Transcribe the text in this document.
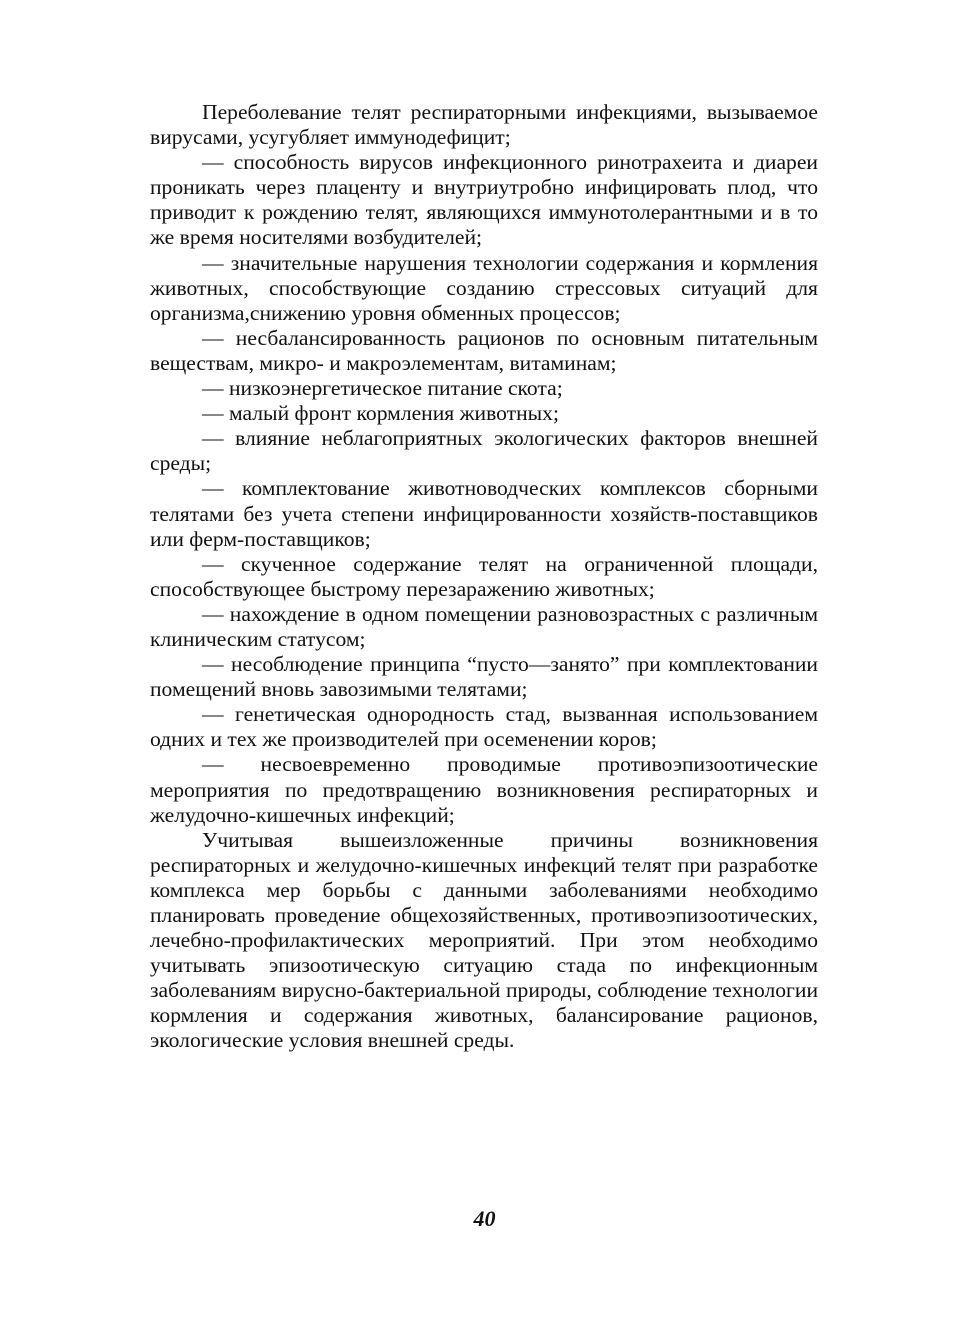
Переболевание телят респираторными инфекциями, вызываемое вирусами, усугубляет иммунодефицит;

— способность вирусов инфекционного ринотрахеита и диареи проникать через плаценту и внутриутробно инфицировать плод, что приводит к рождению телят, являющихся иммунотолерантными и в то же время носителями возбудителей;

— значительные нарушения технологии содержания и кормления животных, способствующие созданию стрессовых ситуаций для организма,снижению уровня обменных процессов;

— несбалансированность рационов по основным питательным веществам, микро- и макроэлементам, витаминам;

— низкоэнергетическое питание скота;

— малый фронт кормления животных;

— влияние неблагоприятных экологических факторов внешней среды;

— комплектование животноводческих комплексов сборными телятами без учета степени инфицированности хозяйств-поставщиков или ферм-поставщиков;

— скученное содержание телят на ограниченной площади, способствующее быстрому перезаражению животных;

— нахождение в одном помещении разновозрастных с различным клиническим статусом;

— несоблюдение принципа “пусто—занято” при комплектовании помещений вновь завозимыми телятами;

— генетическая однородность стад, вызванная использованием одних и тех же производителей при осеменении коров;

— несвоевременно проводимые противоэпизоотические мероприятия по предотвращению возникновения респираторных и желудочно-кишечных инфекций;

Учитывая вышеизложенные причины возникновения респираторных и желудочно-кишечных инфекций телят при разработке комплекса мер борьбы с данными заболеваниями необходимо планировать проведение общехозяйственных, противоэпизоотических, лечебно-профилактических мероприятий. При этом необходимо учитывать эпизоотическую ситуацию стада по инфекционным заболеваниям вирусно-бактериальной природы, соблюдение технологии кормления и содержания животных, балансирование рационов, экологические условия внешней среды.

40
